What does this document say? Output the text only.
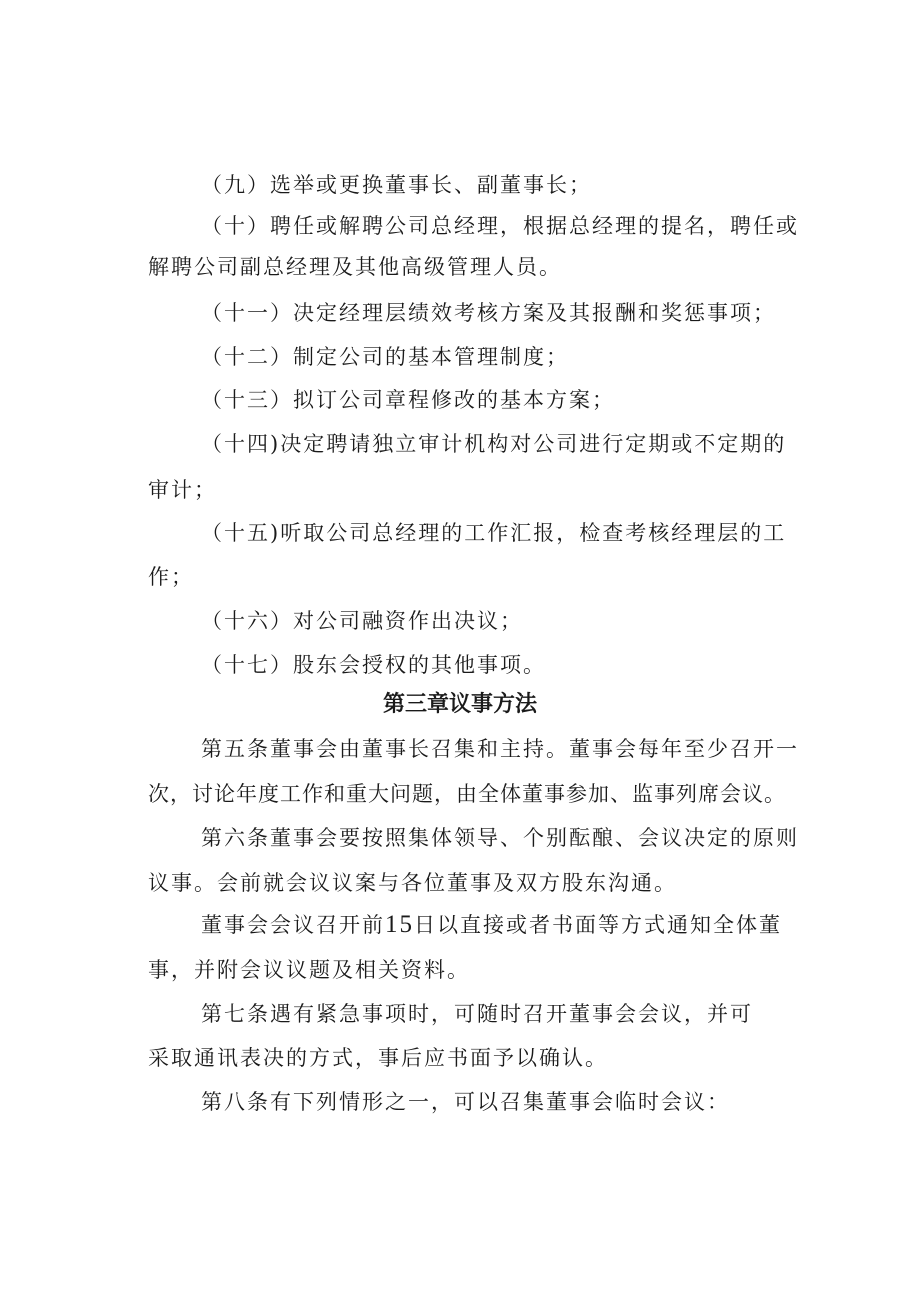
（九）选举或更换董事长、副董事长；
（十）聘任或解聘公司总经理，根据总经理的提名，聘任或
解聘公司副总经理及其他高级管理人员。
（十一）决定经理层绩效考核方案及其报酬和奖惩事项；
（十二）制定公司的基本管理制度；
（十三）拟订公司章程修改的基本方案；
（十四)决定聘请独立审计机构对公司进行定期或不定期的
审计；
（十五)听取公司总经理的工作汇报，检查考核经理层的工
作；
（十六）对公司融资作出决议；
（十七）股东会授权的其他事项。
第三章议事方法
第五条董事会由董事长召集和主持。董事会每年至少召开一
次，讨论年度工作和重大问题，由全体董事参加、监事列席会议。
第六条董事会要按照集体领导、个别酝酿、会议决定的原则
议事。会前就会议议案与各位董事及双方股东沟通。
董事会会议召开前15日以直接或者书面等方式通知全体董
事，并附会议议题及相关资料。
第七条遇有紧急事项时，可随时召开董事会会议，并可
采取通讯表决的方式，事后应书面予以确认。
第八条有下列情形之一，可以召集董事会临时会议：
